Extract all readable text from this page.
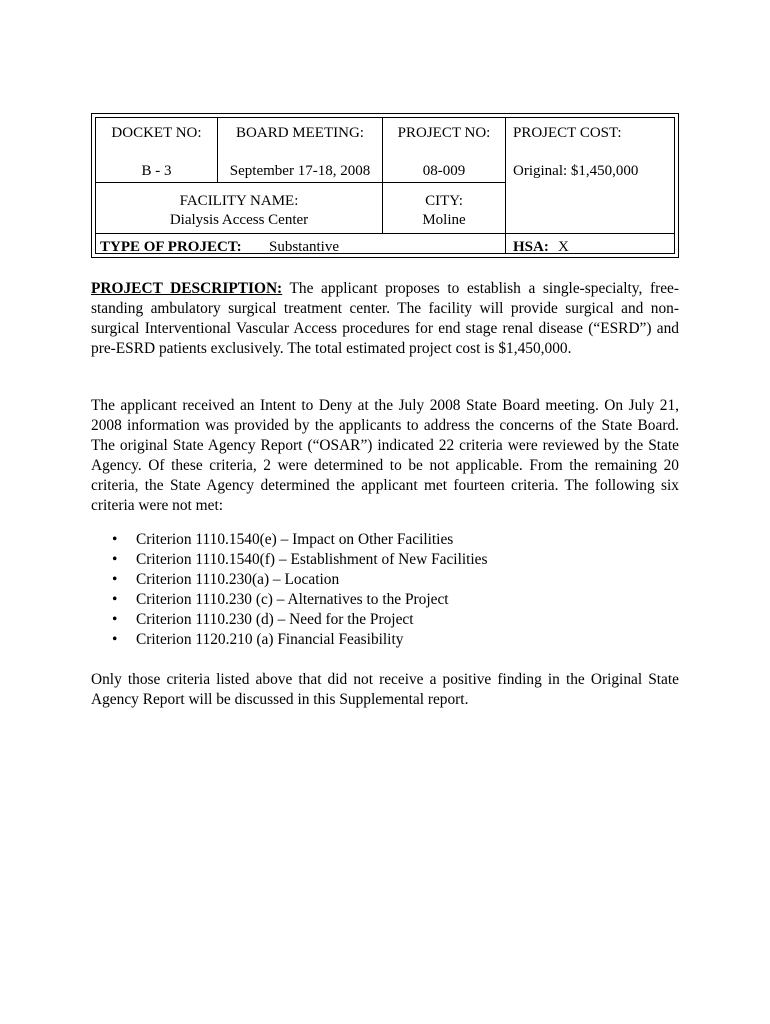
DOCKET NO:	BOARD MEETING:	PROJECT NO:	PROJECT COST:
B - 3	September 17-18, 2008	08-009	Original: $1,450,000
FACILITY NAME:
Dialysis Access Center
CITY:
Moline
TYPE OF PROJECT: Substantive	HSA: X
PROJECT DESCRIPTION: The applicant proposes to establish a single-specialty, free-standing ambulatory surgical treatment center. The facility will provide surgical and non-surgical Interventional Vascular Access procedures for end stage renal disease (“ESRD”) and pre-ESRD patients exclusively. The total estimated project cost is $1,450,000.
The applicant received an Intent to Deny at the July 2008 State Board meeting. On July 21, 2008 information was provided by the applicants to address the concerns of the State Board. The original State Agency Report (“OSAR”) indicated 22 criteria were reviewed by the State Agency. Of these criteria, 2 were determined to be not applicable. From the remaining 20 criteria, the State Agency determined the applicant met fourteen criteria. The following six criteria were not met:
• Criterion 1110.1540(e) – Impact on Other Facilities
• Criterion 1110.1540(f) – Establishment of New Facilities
• Criterion 1110.230(a) – Location
• Criterion 1110.230 (c) – Alternatives to the Project
• Criterion 1110.230 (d) – Need for the Project
• Criterion 1120.210 (a) Financial Feasibility
Only those criteria listed above that did not receive a positive finding in the Original State Agency Report will be discussed in this Supplemental report.
